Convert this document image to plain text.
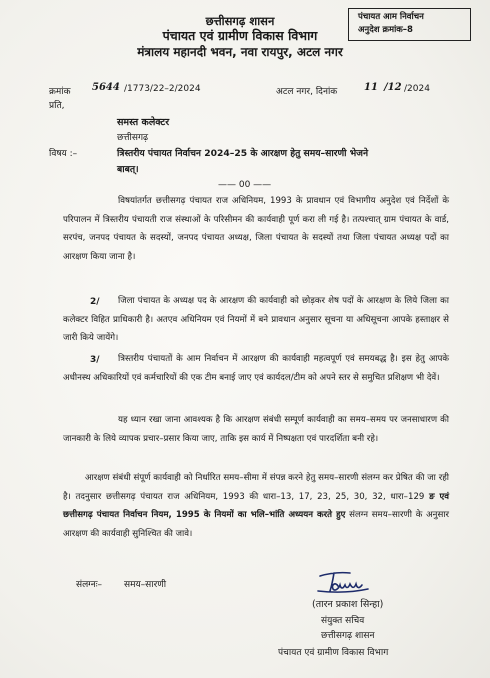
छत्तीसगढ़ शासन
पंचायत एवं ग्रामीण विकास विभाग
मंत्रालय महानदी भवन, नवा रायपुर, अटल नगर
पंचायत आम निर्वाचन
अनुदेश क्रमांक–8
क्रमांक 5644 /1773/22–2/2024	अटल नगर, दिनांक	11 /12 /2024
प्रति,
समस्त कलेक्टर
छत्तीसगढ़
विषय :–	त्रिस्तरीय पंचायत निर्वाचन 2024–25 के आरक्षण हेतु समय–सारणी भेजने
बाबत्।
—— 00 ——
विषयांतर्गत छत्तीसगढ़ पंचायत राज अधिनियम, 1993 के प्रावधान एवं विभागीय अनुदेश एवं निर्देशों के परिपालन में त्रिस्तरीय पंचायती राज संस्थाओं के परिसीमन की कार्यवाही पूर्ण करा ली गई है। तत्पश्चात् ग्राम पंचायत के वार्ड, सरपंच, जनपद पंचायत के सदस्यों, जनपद पंचायत अध्यक्ष, जिला पंचायत के सदस्यों तथा जिला पंचायत अध्यक्ष पदों का आरक्षण किया जाना है।
2/	जिला पंचायत के अध्यक्ष पद के आरक्षण की कार्यवाही को छोड़कर शेष पदों के आरक्षण के लिये जिला का कलेक्टर विहित प्राधिकारी है। अतएव अधिनियम एवं नियमों में बने प्रावधान अनुसार सूचना या अधिसूचना आपके हस्ताक्षर से जारी किये जायेंगे।
3/	त्रिस्तरीय पंचायतों के आम निर्वाचन में आरक्षण की कार्यवाही महत्वपूर्ण एवं समयबद्ध है। इस हेतु आपके अधीनस्थ अधिकारियों एवं कर्मचारियों की एक टीम बनाई जाए एवं कार्यदल/टीम को अपने स्तर से समुचित प्रशिक्षण भी देवें।
यह ध्यान रखा जाना आवश्यक है कि आरक्षण संबंधी सम्पूर्ण कार्यवाही का समय–समय पर जनसाधारण की जानकारी के लिये व्यापक प्रचार–प्रसार किया जाए, ताकि इस कार्य में निष्पक्षता एवं पारदर्शिता बनी रहे।
आरक्षण संबंधी संपूर्ण कार्यवाही को निर्धारित समय–सीमा में संपन्न करने हेतु समय–सारणी संलग्न कर प्रेषित की जा रही है। तदनुसार छत्तीसगढ़ पंचायत राज अधिनियम, 1993 की धारा–13, 17, 23, 25, 30, 32, धारा–129 ङ एवं छत्तीसगढ़ पंचायत निर्वाचन नियम, 1995 के नियमों का भलि–भांति अध्ययन करते हुए संलग्न समय–सारणी के अनुसार आरक्षण की कार्यवाही सुनिश्चित की जावे।
संलग्नः– समय–सारणी
(तारन प्रकाश सिन्हा)
संयुक्त सचिव
छत्तीसगढ़ शासन
पंचायत एवं ग्रामीण विकास विभाग
